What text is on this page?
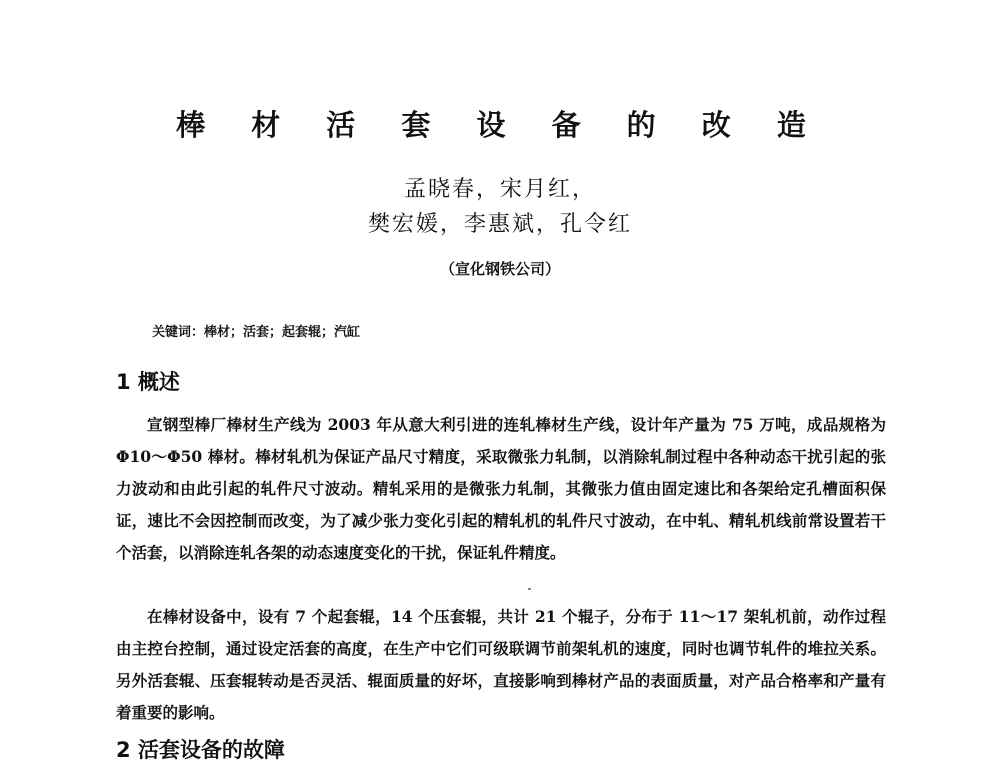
棒 材 活 套 设 备 的 改 造
孟晓春，宋月红，
樊宏媛，李惠斌，孔令红
（宣化钢铁公司）
关键词：棒材；活套；起套辊；汽缸
1 概述

宣钢型棒厂棒材生产线为 2003 年从意大利引进的连轧棒材生产线，设计年产量为 75 万吨，成品规格为Φ10～Φ50 棒材。棒材轧机为保证产品尺寸精度，采取微张力轧制，以消除轧制过程中各种动态干扰引起的张力波动和由此引起的轧件尺寸波动。精轧采用的是微张力轧制，其微张力值由固定速比和各架给定孔槽面积保证，速比不会因控制而改变，为了减少张力变化引起的精轧机的轧件尺寸波动，在中轧、精轧机线前常设置若干个活套，以消除连轧各架的动态速度变化的干扰，保证轧件精度。

在棒材设备中，设有 7 个起套辊，14 个压套辊，共计 21 个辊子，分布于 11～17 架轧机前，动作过程由主控台控制，通过设定活套的高度，在生产中它们可级联调节前架轧机的速度，同时也调节轧件的堆拉关系。另外活套辊、压套辊转动是否灵活、辊面质量的好坏，直接影响到棒材产品的表面质量，对产品合格率和产量有着重要的影响。

2 活套设备的故障
